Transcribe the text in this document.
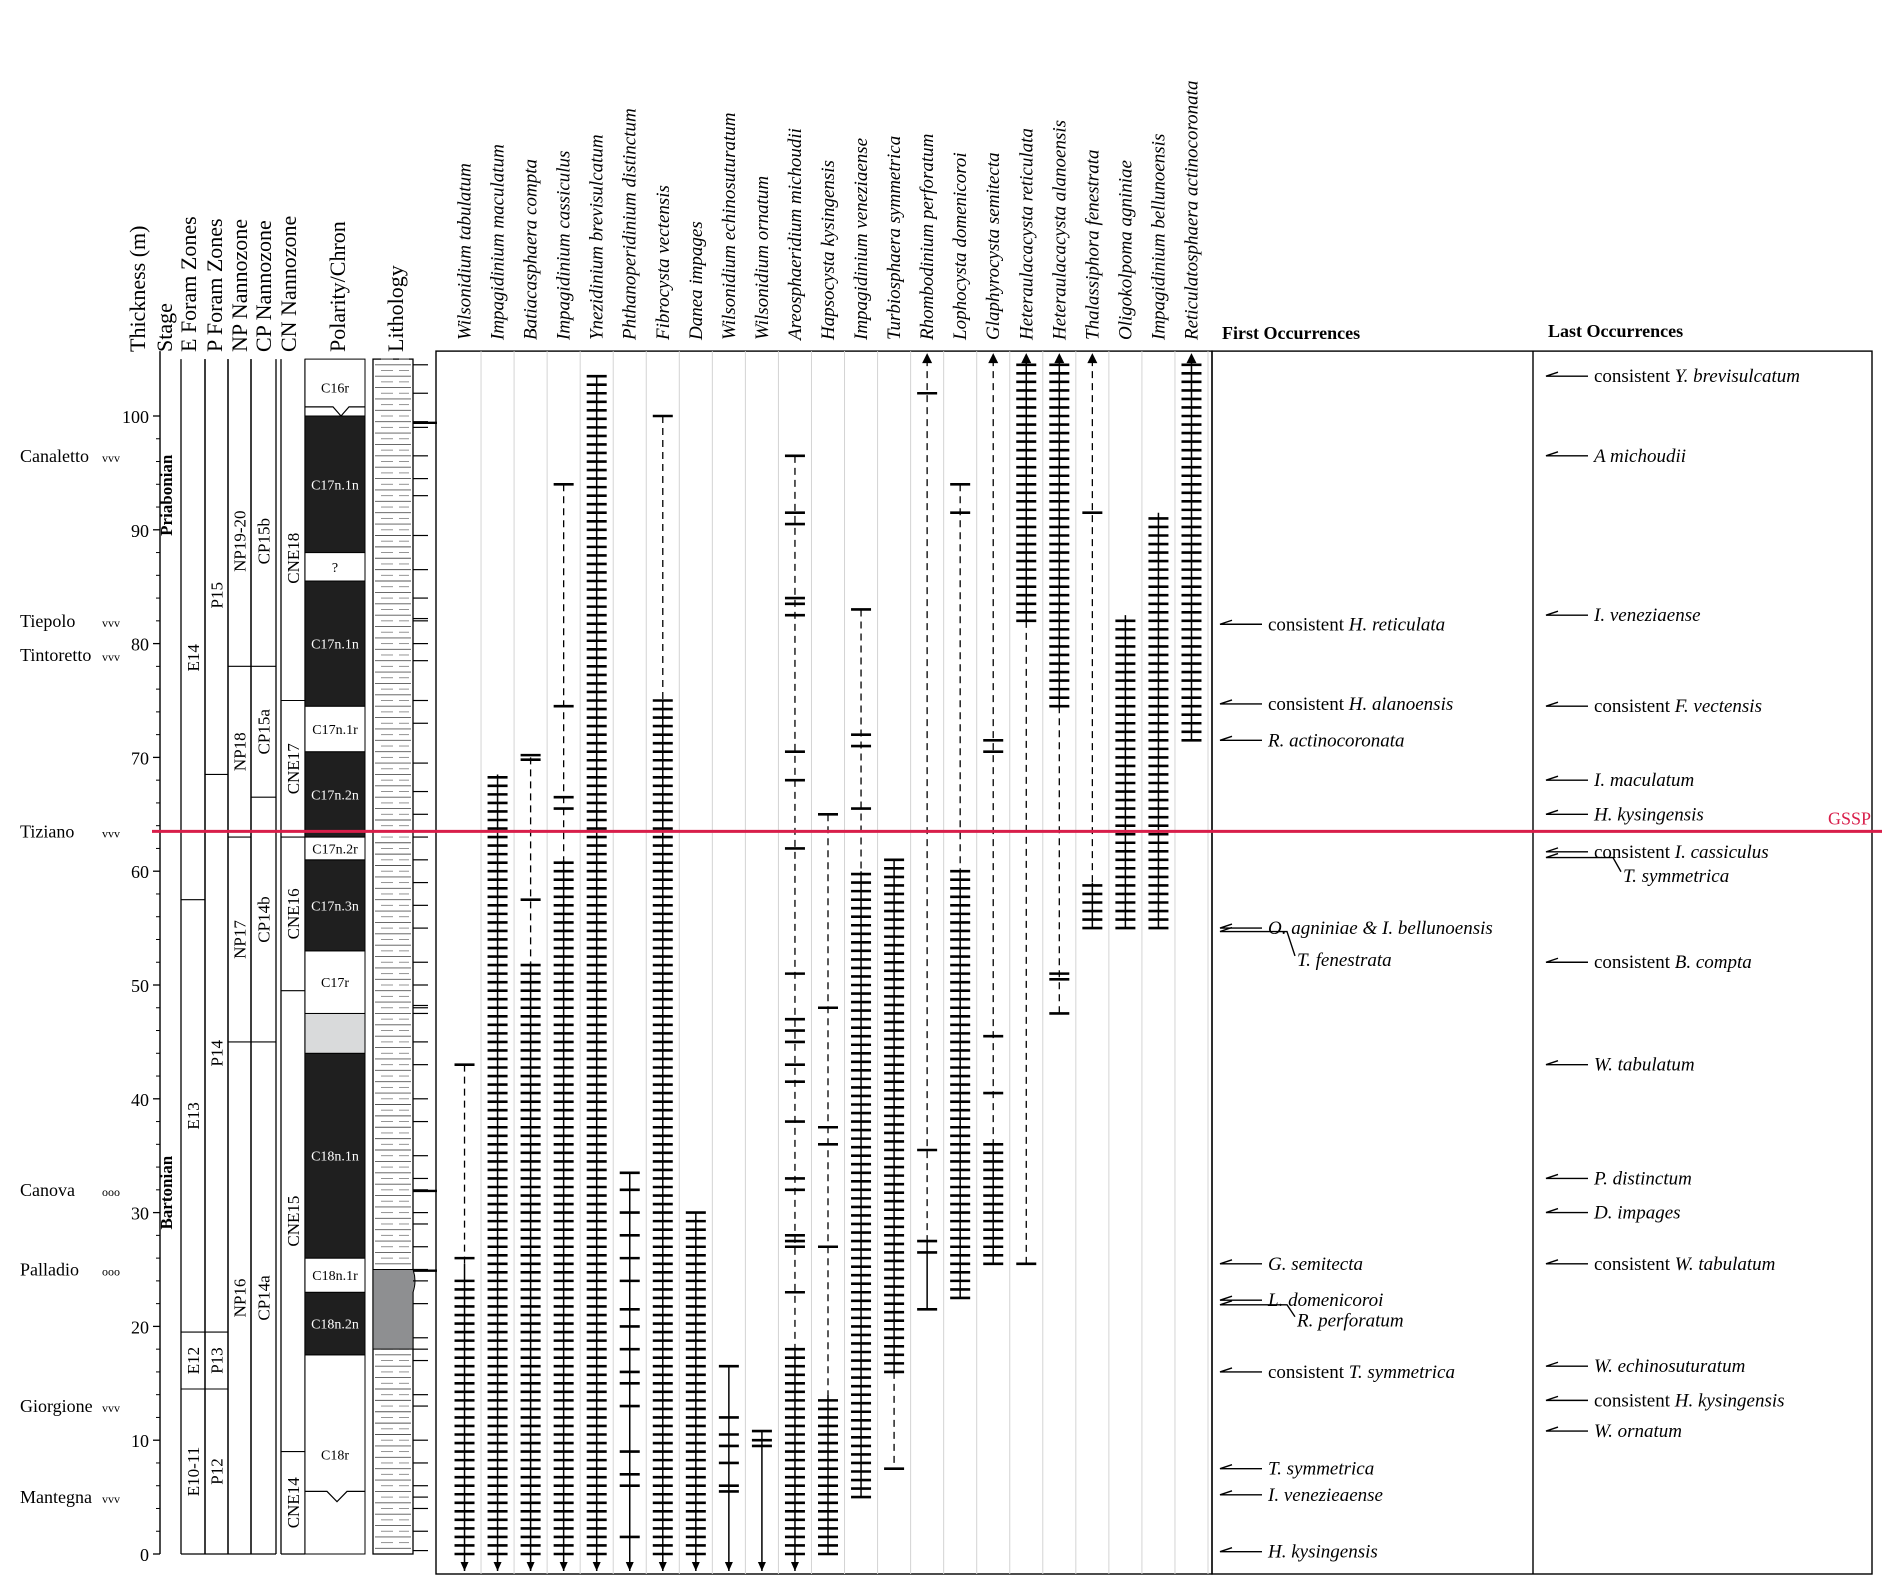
0
10
20
30
40
50
60
70
80
90
100
Thickness (m) Stage E Foram Zones P Foram Zones NP Nannozone CP Nannozone CN Nannozone Polarity/Chron Lithology
Priabonian
Bartonian
E10-11
E12
E13
E14
P12
P13
P14
P15
NP16
NP17
NP18
NP19-20
CP14a
CP14b
CP15a
CP15b
CNE14
CNE15
CNE16
CNE17
CNE18
C18r
C18n.2n
C18n.1r
C18n.1n
C17r
C17n.3n
C17n.2r
C17n.2n
C17n.1r
C17n.1n
?
C17n.1n
C16r
Canaletto vvv
Tiepolo vvv
Tintoretto vvv
Tiziano vvv
Canova ooo
Palladio ooo
Giorgione vvv
Mantegna vvv
Wilsonidium tabulatum Impagidinium maculatum Batiacasphaera compta Impagidinium cassiculus Ynezidinium brevisulcatum Phthanoperidinium distinctum Fibrocysta vectensis Danea impages Wilsonidium echinosuturatum Wilsonidium ornatum Areosphaeridium michoudii Hapsocysta kysingensis Impagidinium veneziaense Turbiosphaera symmetrica Rhombodinium perforatum Lophocysta domenicoroi Glaphyrocysta semitecta Heteraulacacysta reticulata Heteraulacacysta alanoensis Thalassiphora fenestrata Oligokolpoma agniniae Impagidinium bellunoensis Reticulatosphaera actinocoronata First Occurrences
consistent H. reticulata
consistent H. alanoensis
R. actinocoronata
O. agniniae & I. bellunoensis
T. fenestrata
G. semitecta
L. domenicoroi
R. perforatum
consistent T. symmetrica
T. symmetrica
I. venezieaense
H. kysingensis
Last Occurrences
consistent Y. brevisulcatum
A michoudii
I. veneziaense
consistent F. vectensis
I. maculatum
H. kysingensis
consistent I. cassiculus
T. symmetrica
consistent B. compta
W. tabulatum
P. distinctum
D. impages
consistent W. tabulatum
W. echinosuturatum
consistent H. kysingensis
W. ornatum
GSSP
